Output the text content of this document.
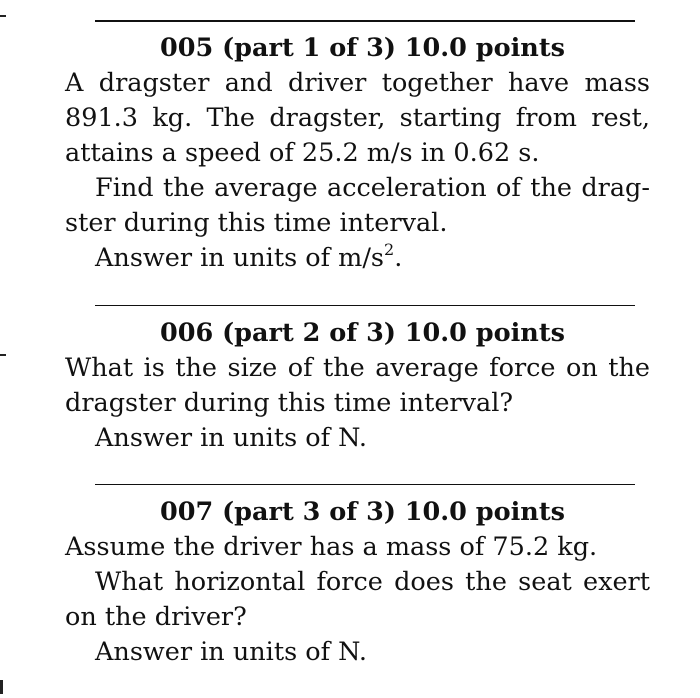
005 (part 1 of 3) 10.0 points
A dragster and driver together have mass
891.3 kg. The dragster, starting from rest,
attains a speed of 25.2 m/s in 0.62 s.
Find the average acceleration of the drag-
ster during this time interval.
Answer in units of $m/s^2$.
006 (part 2 of 3) 10.0 points
What is the size of the average force on the
dragster during this time interval?
Answer in units of N.
007 (part 3 of 3) 10.0 points
Assume the driver has a mass of 75.2 kg.
What horizontal force does the seat exert
on the driver?
Answer in units of N.
